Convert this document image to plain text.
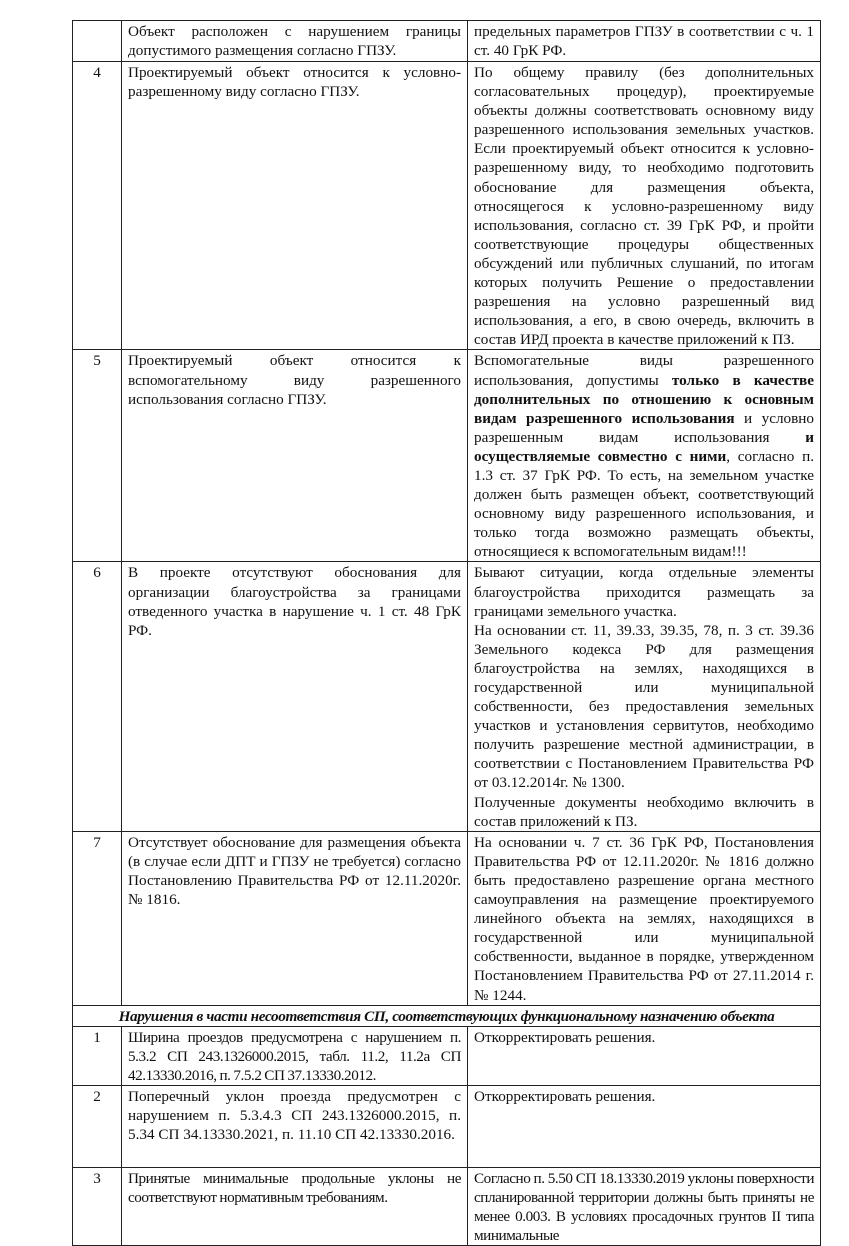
	Объект расположен с нарушением границы допустимого размещения согласно ГПЗУ.	предельных параметров ГПЗУ в соответствии с ч. 1 ст. 40 ГрК РФ.
4	Проектируемый объект относится к условно-разрешенному виду согласно ГПЗУ.	По общему правилу (без дополнительных согласовательных процедур), проектируемые объекты должны соответствовать основному виду разрешенного использования земельных участков. Если проектируемый объект относится к условно-разрешенному виду, то необходимо подготовить обоснование для размещения объекта, относящегося к условно-разрешенному виду использования, согласно ст. 39 ГрК РФ, и пройти соответствующие процедуры общественных обсуждений или публичных слушаний, по итогам которых получить Решение о предоставлении разрешения на условно разрешенный вид использования, а его, в свою очередь, включить в состав ИРД проекта в качестве приложений к ПЗ.
5	Проектируемый объект относится к вспомогательному виду разрешенного использования согласно ГПЗУ.	Вспомогательные виды разрешенного использования, допустимы только в качестве дополнительных по отношению к основным видам разрешенного использования и условно разрешенным видам использования и осуществляемые совместно с ними, согласно п. 1.3 ст. 37 ГрК РФ. То есть, на земельном участке должен быть размещен объект, соответствующий основному виду разрешенного использования, и только тогда возможно размещать объекты, относящиеся к вспомогательным видам!!!
6	В проекте отсутствуют обоснования для организации благоустройства за границами отведенного участка в нарушение ч. 1 ст. 48 ГрК РФ.	Бывают ситуации, когда отдельные элементы благоустройства приходится размещать за границами земельного участка.
На основании ст. 11, 39.33, 39.35, 78, п. 3 ст. 39.36 Земельного кодекса РФ для размещения благоустройства на землях, находящихся в государственной или муниципальной собственности, без предоставления земельных участков и установления сервитутов, необходимо получить разрешение местной администрации, в соответствии с Постановлением Правительства РФ от 03.12.2014г. № 1300.
Полученные документы необходимо включить в состав приложений к ПЗ.

7	Отсутствует обоснование для размещения объекта (в случае если ДПТ и ГПЗУ не требуется) согласно Постановлению Правительства РФ от 12.11.2020г. № 1816.	На основании ч. 7 ст. 36 ГрК РФ, Постановления Правительства РФ от 12.11.2020г. № 1816 должно быть предоставлено разрешение органа местного самоуправления на размещение проектируемого линейного объекта на землях, находящихся в государственной или муниципальной собственности, выданное в порядке, утвержденном Постановлением Правительства РФ от 27.11.2014 г. № 1244.
Нарушения в части несоответствия СП, соответствующих функциональному назначению объекта		
1	Ширина проездов предусмотрена с нарушением п. 5.3.2 СП 243.1326000.2015, табл. 11.2, 11.2а СП 42.13330.2016, п. 7.5.2 СП 37.13330.2012.	Откорректировать решения.
2	Поперечный уклон проезда предусмотрен с нарушением п. 5.3.4.3 СП 243.1326000.2015, п. 5.34 СП 34.13330.2021, п. 11.10 СП 42.13330.2016.	Откорректировать решения.
3	Принятые минимальные продольные уклоны не соответствуют нормативным требованиям.	Согласно п. 5.50 СП 18.13330.2019 уклоны поверхности спланированной территории должны быть приняты не менее 0.003. В условиях просадочных грунтов II типа минимальные
